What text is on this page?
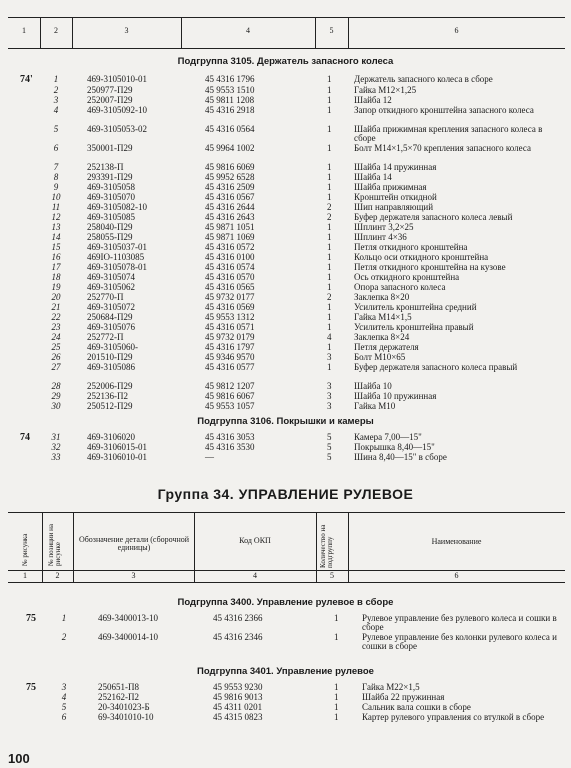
1	2	3	4	5	6
Подгруппа 3105. Держатель запасного колеса
74'	1	469-3105010-01	45 4316 1796	1	Держатель запасного колеса в сборе
2	250977-П29	45 9553 1510	1	Гайка М12×1,25
3	252007-П29	45 9811 1208	1	Шайба 12
4	469-3105092-10	45 4316 2918	1	Запор откидного кронштейна запасного колеса
5	469-3105053-02	45 4316 0564	1	Шайба прижимная крепления запасного колеса в сборе
6	350001-П29	45 9964 1002	1	Болт М14×1,5×70 крепления запасного колеса
7	252138-П	45 9816 6069	1	Шайба 14 пружинная
8	293391-П29	45 9952 6528	1	Шайба 14
9	469-3105058	45 4316 2509	1	Шайба прижимная
10	469-3105070	45 4316 0567	1	Кронштейн откидной
11	469-3105082-10	45 4316 2644	2	Шип направляющий
12	469-3105085	45 4316 2643	2	Буфер держателя запасного колеса левый
13	258040-П29	45 9871 1051	1	Шплинт 3,2×25
14	258055-П29	45 9871 1069	1	Шплинт 4×36
15	469-3105037-01	45 4316 0572	1	Петля откидного кронштейна
16	469IO-1103085	45 4316 0100	1	Кольцо оси откидного кронштейна
17	469-3105078-01	45 4316 0574	1	Петля откидного кронштейна на кузове
18	469-3105074	45 4316 0570	1	Ось откидного кронштейна
19	469-3105062	45 4316 0565	1	Опора запасного колеса
20	252770-П	45 9732 0177	2	Заклепка 8×20
21	469-3105072	45 4316 0569	1	Усилитель кронштейна средний
22	250684-П29	45 9553 1312	1	Гайка М14×1,5
23	469-3105076	45 4316 0571	1	Усилитель кронштейна правый
24	252772-П	45 9732 0179	4	Заклепка 8×24
25	469-3105060-	45 4316 1797	1	Петля держателя
26	201510-П29	45 9346 9570	3	Болт М10×65
27	469-3105086	45 4316 0577	1	Буфер держателя запасного колеса правый
28	252006-П29	45 9812 1207	3	Шайба 10
29	252136-П2	45 9816 6067	3	Шайба 10 пружинная
30	250512-П29	45 9553 1057	3	Гайка М10
Подгруппа 3106. Покрышки и камеры
74	31	469-3106020	45 4316 3053	5	Камера 7,00—15"
32	469-3106015-01	45 4316 3530	5	Покрышка 8,40—15"
33	469-3106010-01	—	5	Шина 8,40—15" в сборе
Группа 34. УПРАВЛЕНИЕ РУЛЕВОЕ
№ рисунка	№ позиции на рисунке
Обозначение детали (сборочной единицы)
Код ОКП	Количество на подгруппу	Наименование
1	2	3	4	5	6
Подгруппа 3400. Управление рулевое в сборе
75	1	469-3400013-10	45 4316 2366	1	Рулевое управление без рулевого колеса и сошки в сборе
2	469-3400014-10	45 4316 2346	1	Рулевое управление без колонки рулевого колеса и сошки в сборе
Подгруппа 3401. Управление рулевое
75	3	250651-П8	45 9553 9230	1	Гайка М22×1,5
4	252162-П2	45 9816 9013	1	Шайба 22 пружинная
5	20-3401023-Б	45 4311 0201	1	Сальник вала сошки в сборе
6	69-3401010-10	45 4315 0823	1	Картер рулевого управления со втулкой в сборе
100
